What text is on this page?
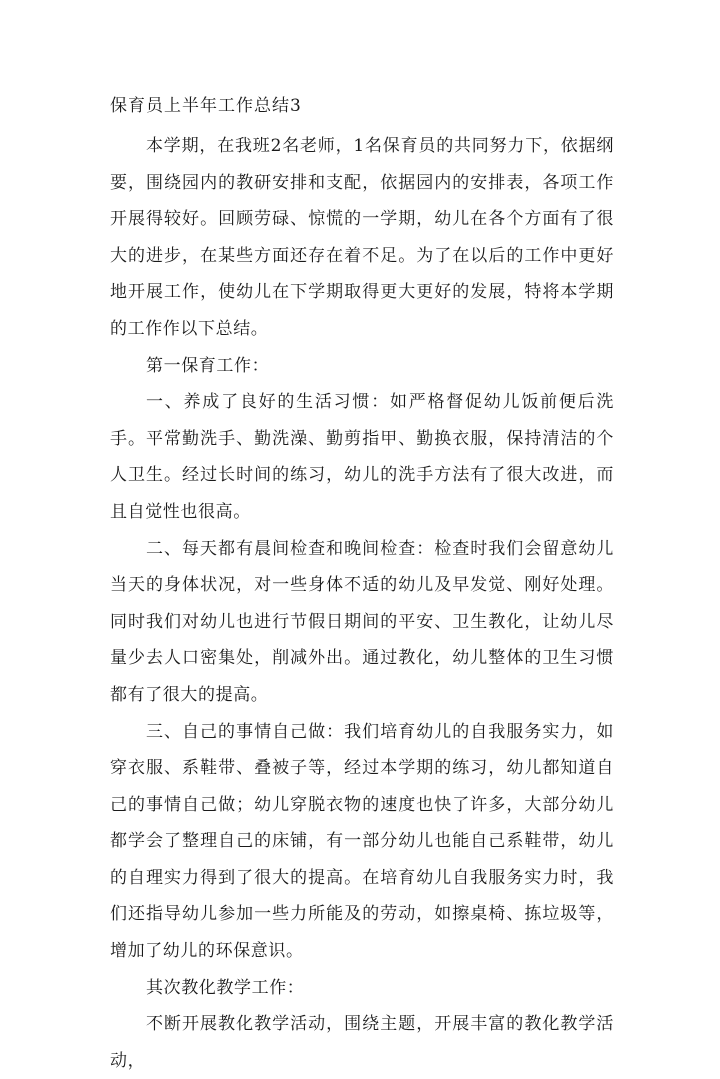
保育员上半年工作总结3

本学期，在我班2名老师，1名保育员的共同努力下，依据纲要，围绕园内的教研安排和支配，依据园内的安排表，各项工作开展得较好。回顾劳碌、惊慌的一学期，幼儿在各个方面有了很大的进步，在某些方面还存在着不足。为了在以后的工作中更好地开展工作，使幼儿在下学期取得更大更好的发展，特将本学期的工作作以下总结。

第一保育工作：

一、养成了良好的生活习惯：如严格督促幼儿饭前便后洗手。平常勤洗手、勤洗澡、勤剪指甲、勤换衣服，保持清洁的个人卫生。经过长时间的练习，幼儿的洗手方法有了很大改进，而且自觉性也很高。

二、每天都有晨间检查和晚间检查：检查时我们会留意幼儿当天的身体状况，对一些身体不适的幼儿及早发觉、刚好处理。同时我们对幼儿也进行节假日期间的平安、卫生教化，让幼儿尽量少去人口密集处，削减外出。通过教化，幼儿整体的卫生习惯都有了很大的提高。

三、自己的事情自己做：我们培育幼儿的自我服务实力，如穿衣服、系鞋带、叠被子等，经过本学期的练习，幼儿都知道自己的事情自己做；幼儿穿脱衣物的速度也快了许多，大部分幼儿都学会了整理自己的床铺，有一部分幼儿也能自己系鞋带，幼儿的自理实力得到了很大的提高。在培育幼儿自我服务实力时，我们还指导幼儿参加一些力所能及的劳动，如擦桌椅、拣垃圾等，增加了幼儿的环保意识。

其次教化教学工作：

不断开展教化教学活动，围绕主题，开展丰富的教化教学活动，
